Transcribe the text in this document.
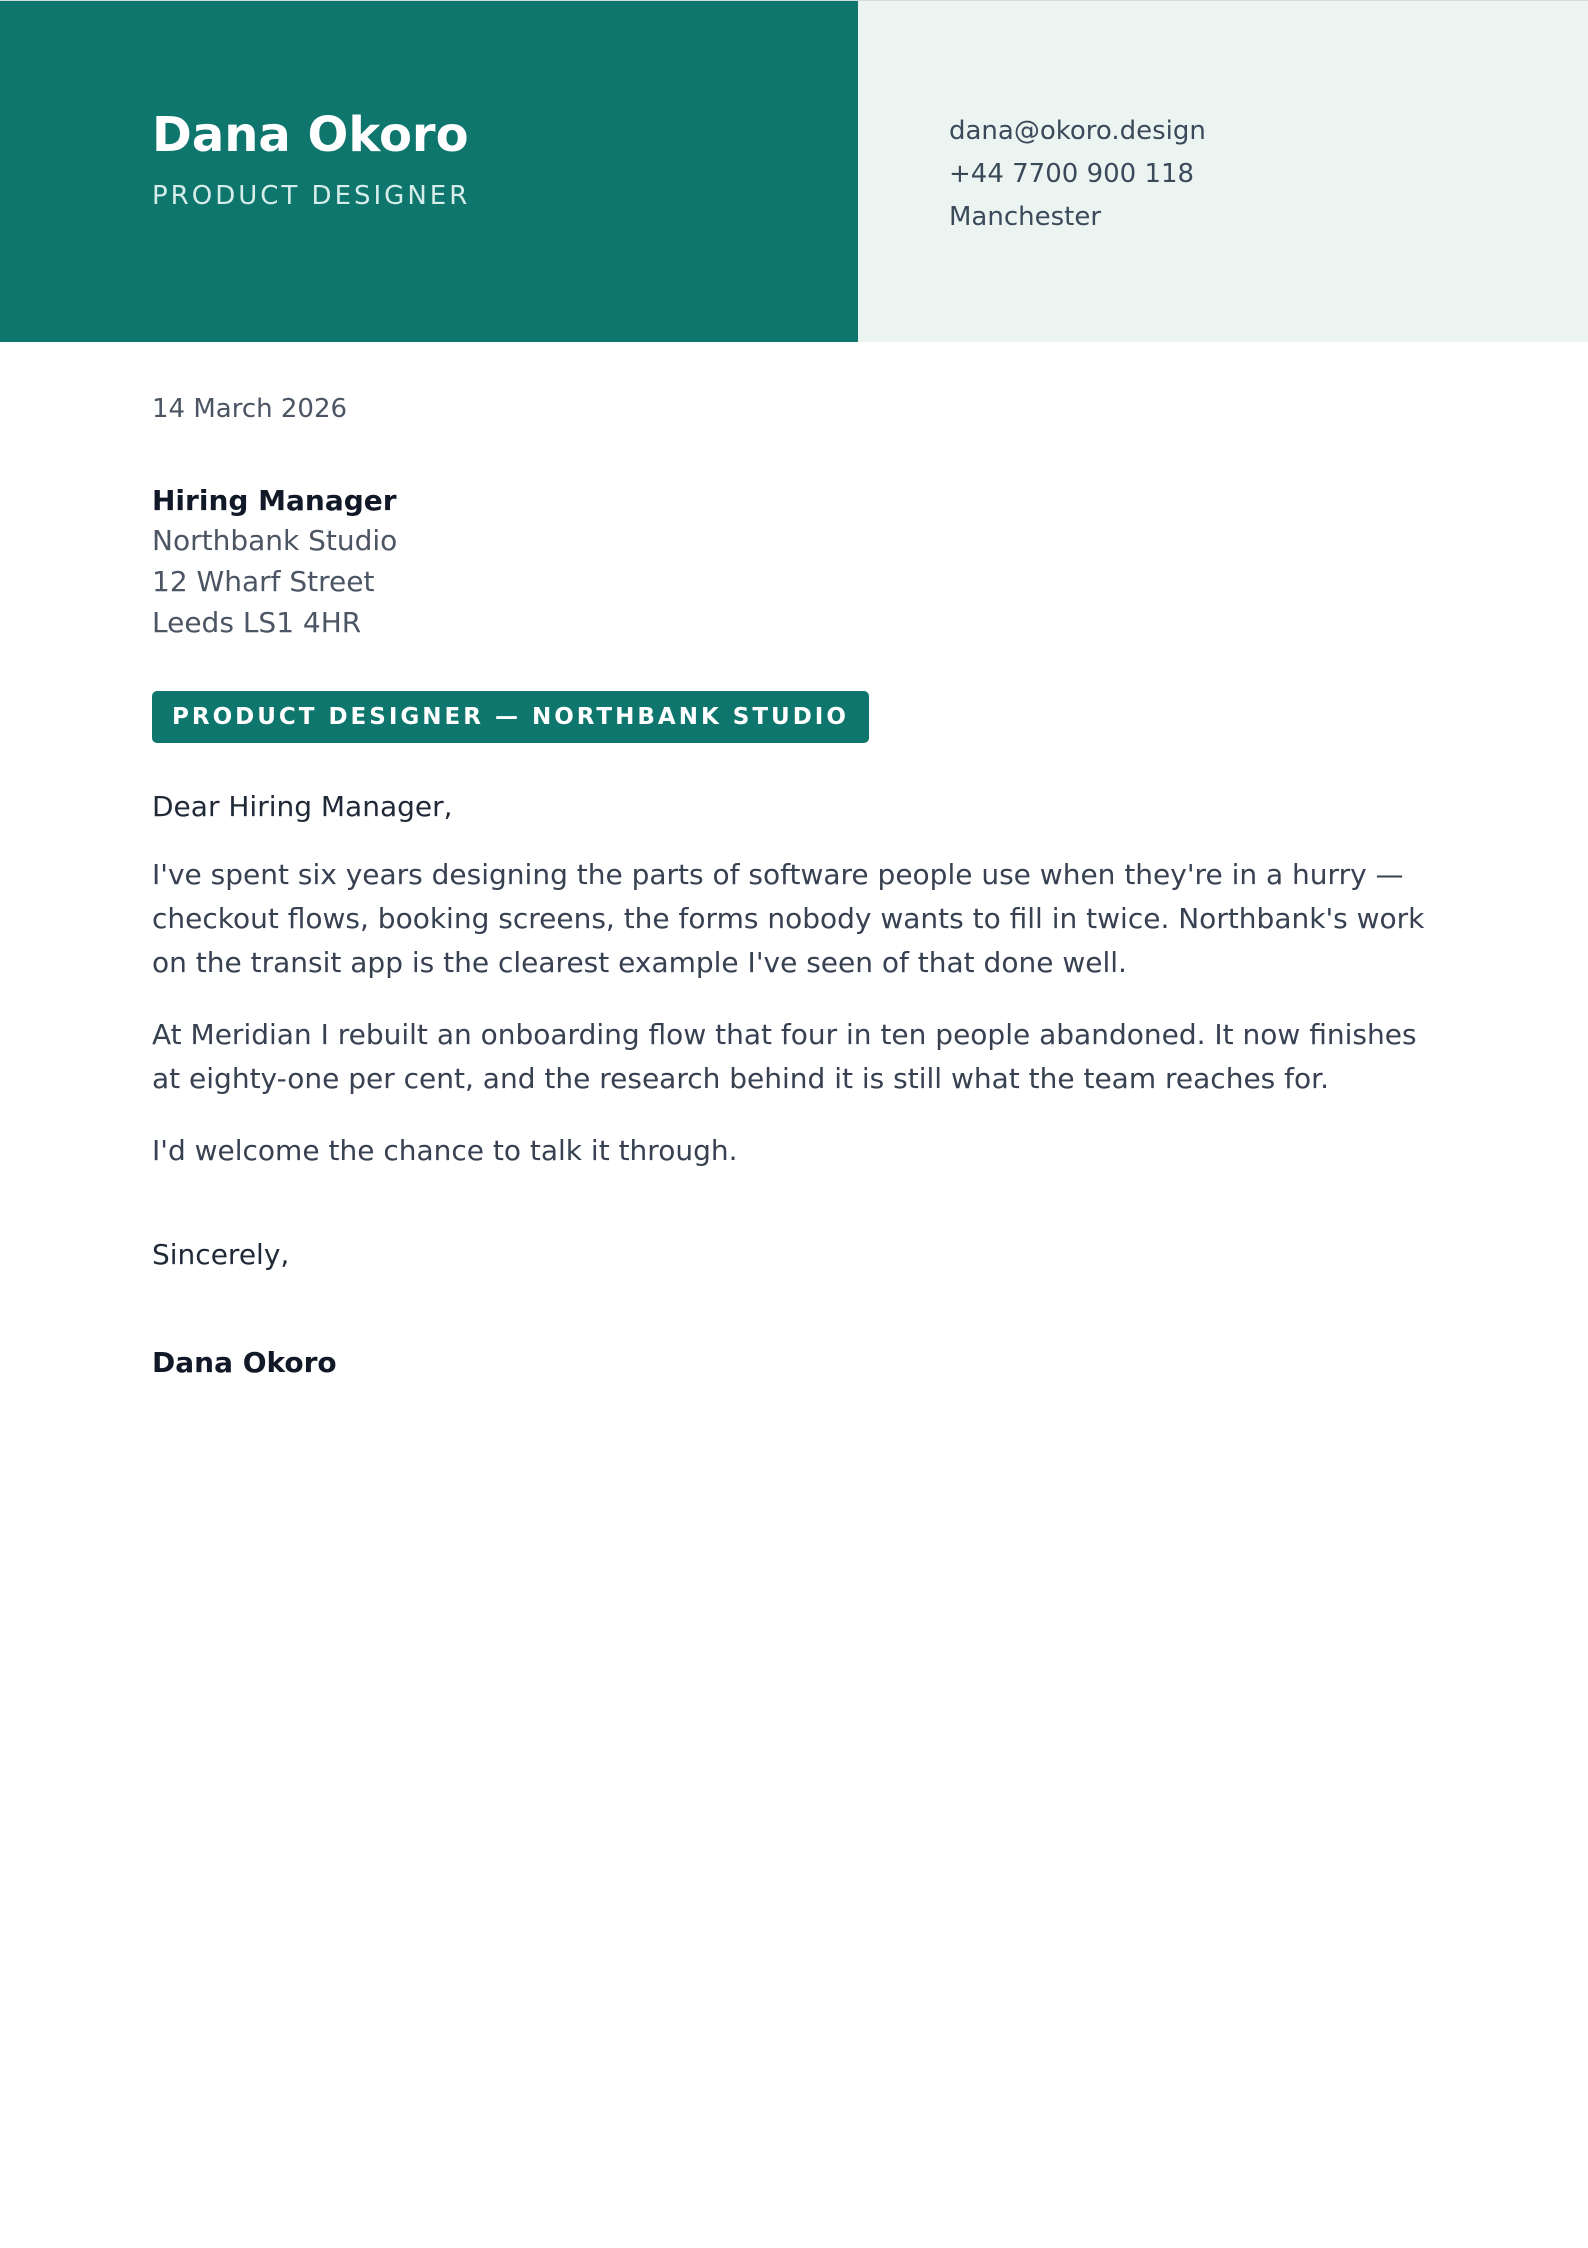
Dana Okoro
PRODUCT DESIGNER
dana@okoro.design
+44 7700 900 118
Manchester
14 March 2026
Hiring Manager
Northbank Studio
12 Wharf Street
Leeds LS1 4HR
PRODUCT DESIGNER — NORTHBANK STUDIO
Dear Hiring Manager,

I've spent six years designing the parts of software people use when they're in a hurry — checkout flows, booking screens, the forms nobody wants to fill in twice. Northbank's work on the transit app is the clearest example I've seen of that done well.

At Meridian I rebuilt an onboarding flow that four in ten people abandoned. It now finishes at eighty-one per cent, and the research behind it is still what the team reaches for.

I'd welcome the chance to talk it through.

Sincerely,
Dana Okoro
